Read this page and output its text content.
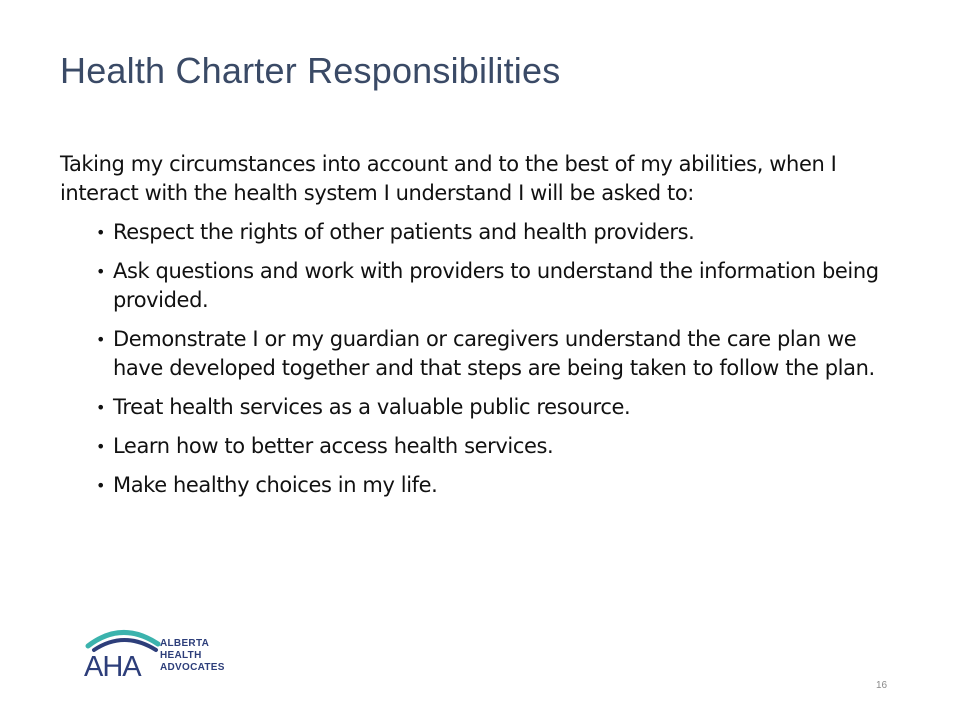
Health Charter Responsibilities

Taking my circumstances into account and to the best of my abilities, when I interact with the health system I understand I will be asked to:

• Respect the rights of other patients and health providers.
• Ask questions and work with providers to understand the information being provided.
• Demonstrate I or my guardian or caregivers understand the care plan we have developed together and that steps are being taken to follow the plan.
• Treat health services as a valuable public resource.
• Learn how to better access health services.
• Make healthy choices in my life.
AHA
ALBERTA
HEALTH
ADVOCATES
16
